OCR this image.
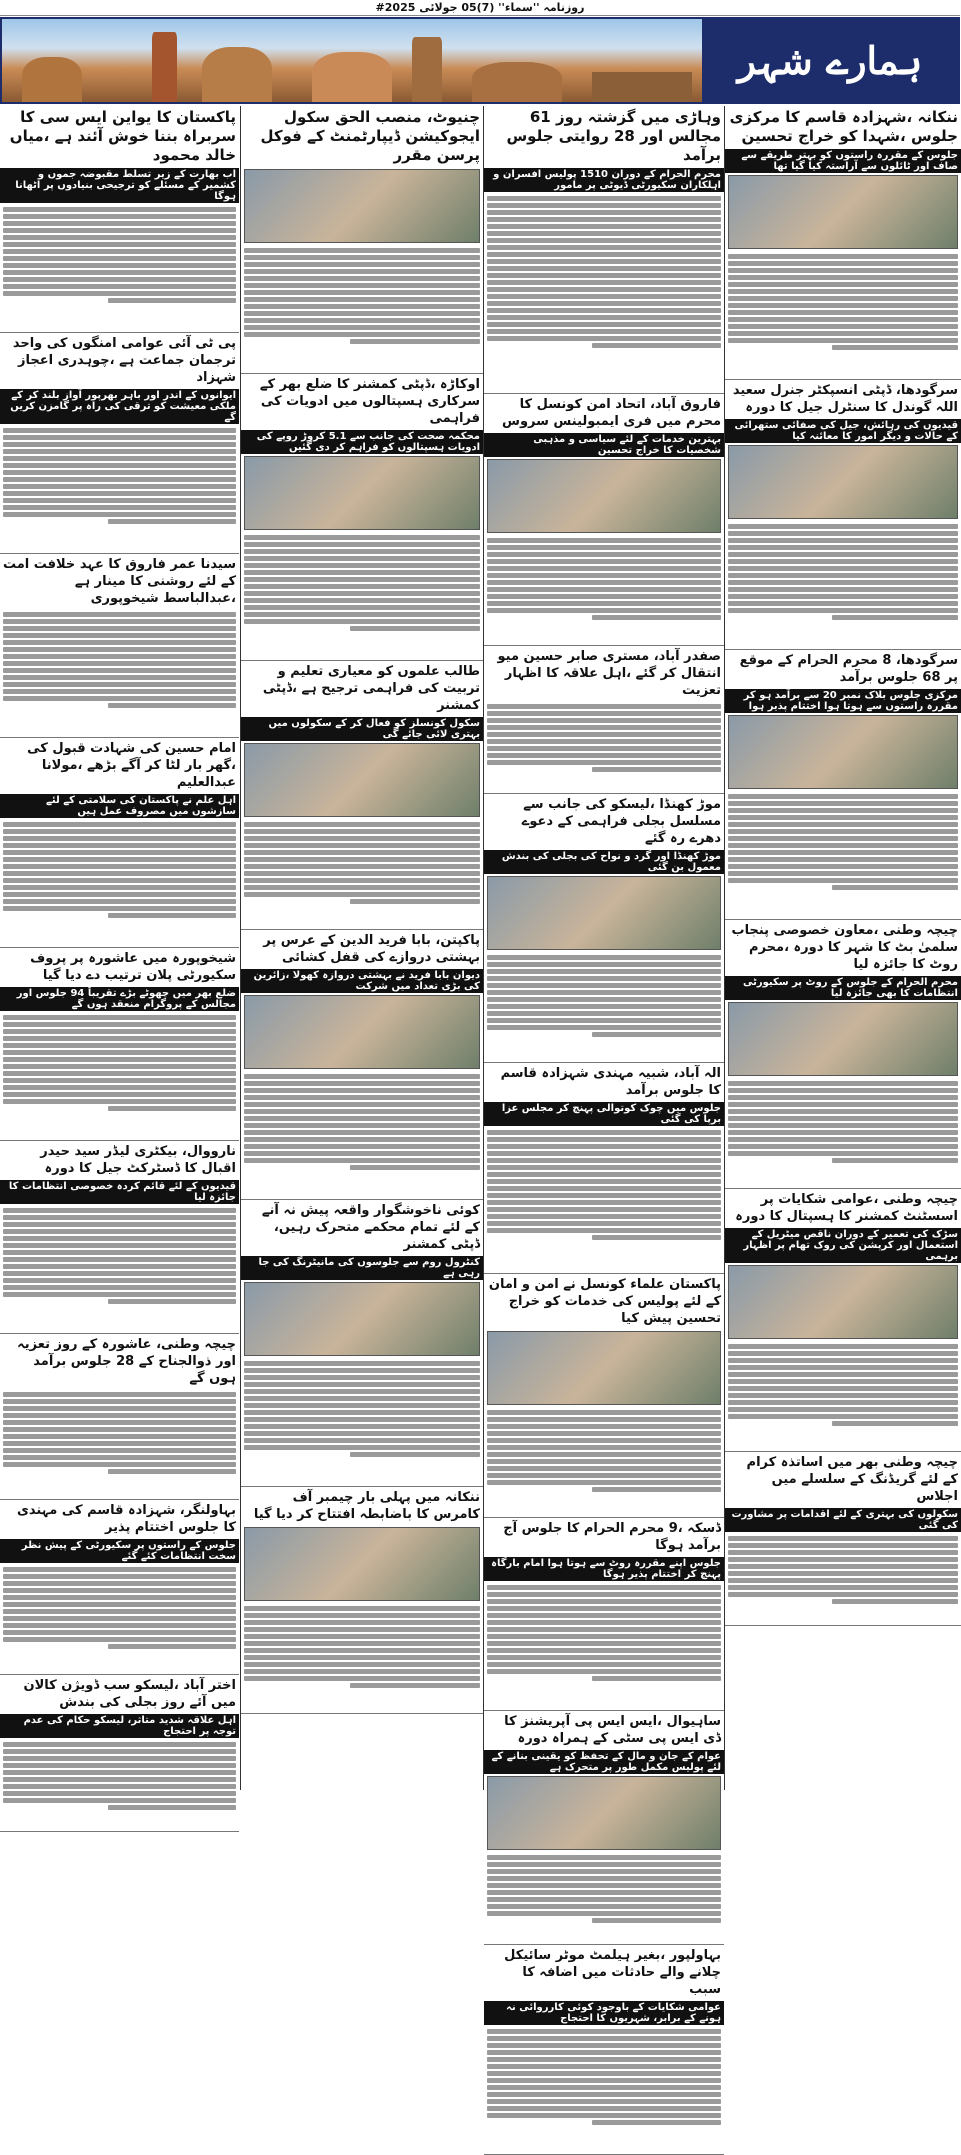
روزنامہ ''سماء'' (7)05 جولائی 2025#
ہمارے شہر
ننکانہ ،شہزادہ قاسم کا مرکزی جلوس ،شہدا کو خراج تحسین
جلوس کے مقررہ راستوں کو بہتر طریقے سے صاف اور ٹائلوں سے آراستہ کیا گیا تھا
سرگودھا، ڈپٹی انسپکٹر جنرل سعید اللہ گوندل کا سنٹرل جیل کا دورہ
قیدیوں کی رہائش، جیل کی صفائی ستھرائی کے حالات و دیگر امور کا معائنہ کیا
سرگودھا، 8 محرم الحرام کے موقع پر 68 جلوس برآمد
مرکزی جلوس بلاک نمبر 20 سے برآمد ہو کر مقررہ راستوں سے ہوتا ہوا اختتام پذیر ہوا
چیچہ وطنی ،معاون خصوصی پنجاب سلمیٰ بٹ کا شہر کا دورہ ،محرم روٹ کا جائزہ لیا
محرم الحرام کے جلوس کے روٹ پر سکیورٹی انتظامات کا بھی جائزہ لیا
چیچہ وطنی ،عوامی شکایات پر اسسٹنٹ کمشنر کا ہسپتال کا دورہ
سڑک کی تعمیر کے دوران ناقص میٹریل کے استعمال اور کرپشن کی روک تھام پر اظہار برہمی
چیچہ وطنی بھر میں اساتذہ کرام کے لئے گریڈنگ کے سلسلے میں اجلاس
سکولوں کی بہتری کے لئے اقدامات پر مشاورت کی گئی
وہاڑی میں گزشتہ روز 61 مجالس اور 28 روایتی جلوس برآمد
محرم الحرام کے دوران 1510 پولیس افسران و اہلکاران سکیورٹی ڈیوٹی پر مامور
فاروق آباد، اتحاد امن کونسل کا محرم میں فری ایمبولینس سروس
بہترین خدمات کے لئے سیاسی و مذہبی شخصیات کا خراج تحسین
صفدر آباد، مستری صابر حسین میو انتقال کر گئے ،اہل علاقہ کا اظہار تعزیت
موڑ کھنڈا ،لیسکو کی جانب سے مسلسل بجلی فراہمی کے دعوے دھرے رہ گئے
موڑ کھنڈا اور گرد و نواح کی بجلی کی بندش معمول بن گئی
الہ آباد، شبیہ مہندی شہزادہ قاسم کا جلوس برآمد
جلوس میں چوک کوتوالی پہنچ کر مجلس عزا برپا کی گئی
پاکستان علماء کونسل نے امن و امان کے لئے پولیس کی خدمات کو خراج تحسین پیش کیا
ڈسکہ ،9 محرم الحرام کا جلوس آج برآمد ہوگا
جلوس اپنے مقررہ روٹ سے ہوتا ہوا امام بارگاہ پہنچ کر اختتام پذیر ہوگا
ساہیوال ،ایس ایس پی آپریشنز کا ڈی ایس پی سٹی کے ہمراہ دورہ
عوام کے جان و مال کے تحفظ کو یقینی بنانے کے لئے پولیس مکمل طور پر متحرک ہے
بہاولپور ،بغیر ہیلمٹ موٹر سائیکل چلانے والے حادثات میں اضافہ کا سبب
عوامی شکایات کے باوجود کوئی کارروائی نہ ہونے کے برابر، شہریوں کا احتجاج
چنیوٹ، منصب الحق سکول ایجوکیشن ڈیپارٹمنٹ کے فوکل پرسن مقرر
اوکاڑہ ،ڈپٹی کمشنر کا ضلع بھر کے سرکاری ہسپتالوں میں ادویات کی فراہمی
محکمہ صحت کی جانب سے 5.1 کروڑ روپے کی ادویات ہسپتالوں کو فراہم کر دی گئیں
طالب علموں کو معیاری تعلیم و تربیت کی فراہمی ترجیح ہے ،ڈپٹی کمشنر
سکول کونسلز کو فعال کر کے سکولوں میں بہتری لائی جائے گی
پاکپتن، بابا فرید الدین کے عرس پر بہشتی دروازے کی قفل کشائی
دیوان بابا فرید نے بہشتی دروازہ کھولا ،زائرین کی بڑی تعداد میں شرکت
کوئی ناخوشگوار واقعہ پیش نہ آنے کے لئے تمام محکمے متحرک رہیں، ڈپٹی کمشنر
کنٹرول روم سے جلوسوں کی مانیٹرنگ کی جا رہی ہے
ننکانہ میں پہلی بار چیمبر آف کامرس کا باضابطہ افتتاح کر دیا گیا
پاکستان کا یواین ایس سی کا سربراہ بننا خوش آئند ہے ،میاں خالد محمود
اب بھارت کے زیر تسلط مقبوضہ جموں و کشمیر کے مسئلے کو ترجیحی بنیادوں پر اٹھانا ہوگا
پی ٹی آئی عوامی امنگوں کی واحد ترجمان جماعت ہے ،چوہدری اعجاز شہزاد
ایوانوں کے اندر اور باہر بھرپور آواز بلند کر کے ملکی معیشت کو ترقی کی راہ پر گامزن کریں گے
سیدنا عمر فاروق کا عہد خلافت امت کے لئے روشنی کا مینار ہے ،عبدالباسط شیخوپوری
امام حسین کی شہادت قبول کی ،گھر بار لٹا کر آگے بڑھے ،مولانا عبدالعلیم
اہل علم نے پاکستان کی سلامتی کے لئے سازشوں میں مصروف عمل ہیں
شیخوپورہ میں عاشورہ پر پروف سکیورٹی پلان ترتیب دے دیا گیا
ضلع بھر میں چھوٹے بڑے تقریباً 94 جلوس اور مجالس کے پروگرام منعقد ہوں گے
نارووال، بیکٹری لیڈر سید حیدر اقبال کا ڈسٹرکٹ جیل کا دورہ
قیدیوں کے لئے قائم کردہ خصوصی انتظامات کا جائزہ لیا
چیچہ وطنی، عاشورہ کے روز تعزیہ اور ذوالجناح کے 28 جلوس برآمد ہوں گے
بہاولنگر، شہزادہ قاسم کی مہندی کا جلوس اختتام پذیر
جلوس کے راستوں پر سکیورٹی کے پیش نظر سخت انتظامات کئے گئے
اختر آباد ،لیسکو سب ڈویژن کالان میں آئے روز بجلی کی بندش
اہل علاقہ شدید متاثر، لیسکو حکام کی عدم توجہ پر احتجاج
